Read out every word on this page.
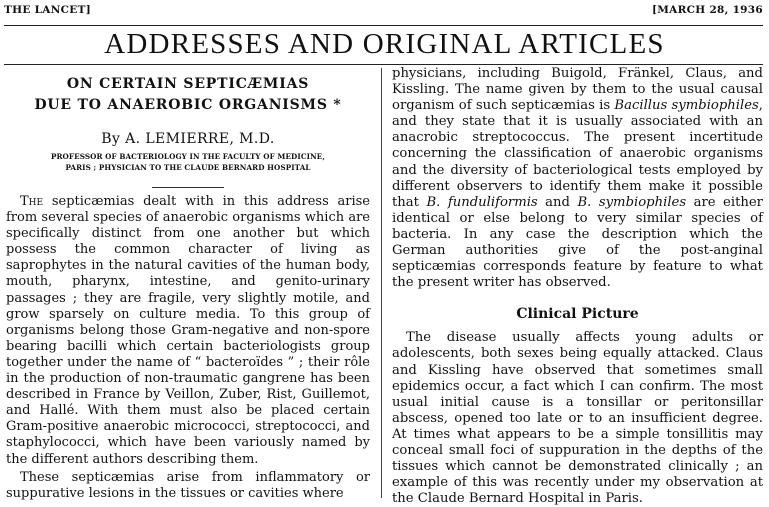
THE LANCET]	[MARCH 28, 1936
ADDRESSES AND ORIGINAL ARTICLES
ON CERTAIN SEPTICÆMIAS
DUE TO ANAEROBIC ORGANISMS *
By A. LEMIERRE, M.D.
PROFESSOR OF BACTERIOLOGY IN THE FACULTY OF MEDICINE,
PARIS ; PHYSICIAN TO THE CLAUDE BERNARD HOSPITAL

The septicæmias dealt with in this address arise from several species of anaerobic organisms which are specifically distinct from one another but which possess the common character of living as saprophytes in the natural cavities of the human body, mouth, pharynx, intestine, and genito-urinary passages ; they are fragile, very slightly motile, and grow sparsely on culture media. To this group of organisms belong those Gram-negative and non-spore bearing bacilli which certain bacteriologists group together under the name of “ bacteroïdes ” ; their rôle in the production of non-traumatic gangrene has been described in France by Veillon, Zuber, Rist, Guillemot, and Hallé. With them must also be placed certain Gram-positive anaerobic micrococci, streptococci, and staphylococci, which have been variously named by the different authors describing them.

These septicæmias arise from inflammatory or suppurative lesions in the tissues or cavities where

physicians, including Buigold, Fränkel, Claus, and Kissling. The name given by them to the usual causal organism of such septicæmias is Bacillus symbiophiles, and they state that it is usually associated with an anacrobic streptococcus. The present incertitude concerning the classification of anaerobic organisms and the diversity of bacteriological tests employed by different observers to identify them make it possible that B. funduliformis and B. symbiophiles are either identical or else belong to very similar species of bacteria. In any case the description which the German authorities give of the post-anginal septicæmias corresponds feature by feature to what the present writer has observed.

Clinical Picture

The disease usually affects young adults or adolescents, both sexes being equally attacked. Claus and Kissling have observed that sometimes small epidemics occur, a fact which I can confirm. The most usual initial cause is a tonsillar or peritonsillar abscess, opened too late or to an insufficient degree. At times what appears to be a simple tonsillitis may conceal small foci of suppuration in the depths of the tissues which cannot be demonstrated clinically ; an example of this was recently under my observation at the Claude Bernard Hospital in Paris.
